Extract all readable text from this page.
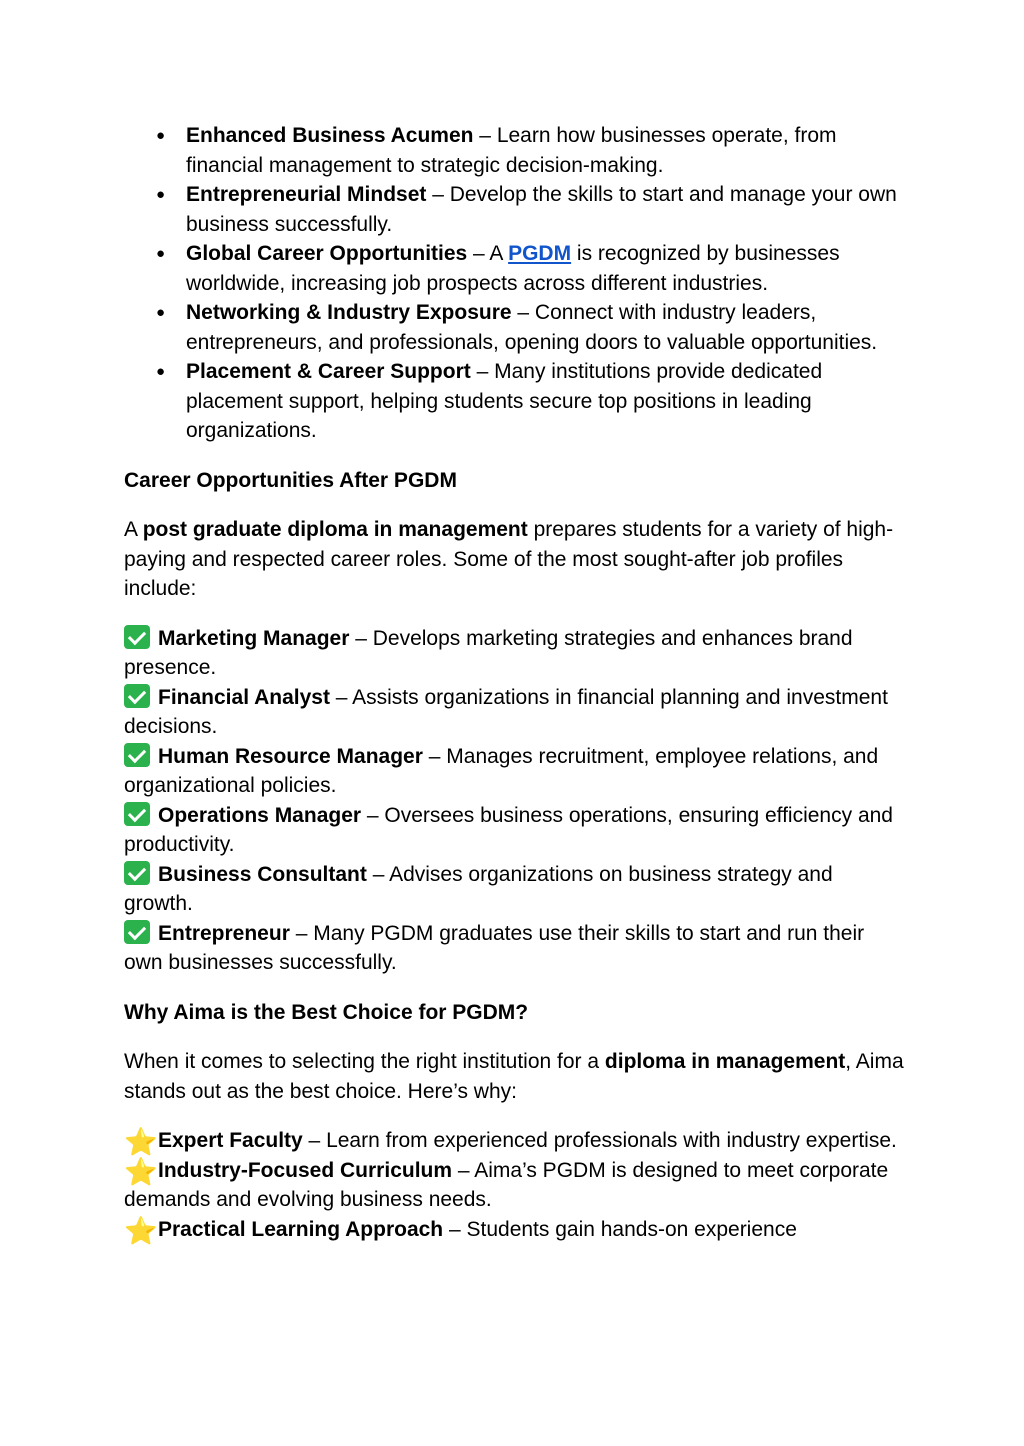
● Enhanced Business Acumen – Learn how businesses operate, from financial management to strategic decision-making.
● Entrepreneurial Mindset – Develop the skills to start and manage your own business successfully.
● Global Career Opportunities – A PGDM is recognized by businesses worldwide, increasing job prospects across different industries.
● Networking & Industry Exposure – Connect with industry leaders, entrepreneurs, and professionals, opening doors to valuable opportunities.
● Placement & Career Support – Many institutions provide dedicated placement support, helping students secure top positions in leading organizations.
Career Opportunities After PGDM

A post graduate diploma in management prepares students for a variety of high-paying and respected career roles. Some of the most sought-after job profiles include:

Marketing Manager – Develops marketing strategies and enhances brand presence.
Financial Analyst – Assists organizations in financial planning and investment decisions.
Human Resource Manager – Manages recruitment, employee relations, and organizational policies.
Operations Manager – Oversees business operations, ensuring efficiency and productivity.
Business Consultant – Advises organizations on business strategy and growth.
Entrepreneur – Many PGDM graduates use their skills to start and run their own businesses successfully.
Why Aima is the Best Choice for PGDM?

When it comes to selecting the right institution for a diploma in management, Aima stands out as the best choice. Here’s why:

⭐Expert Faculty – Learn from experienced professionals with industry expertise.
⭐Industry-Focused Curriculum – Aima’s PGDM is designed to meet corporate demands and evolving business needs.
⭐Practical Learning Approach – Students gain hands-on experience
